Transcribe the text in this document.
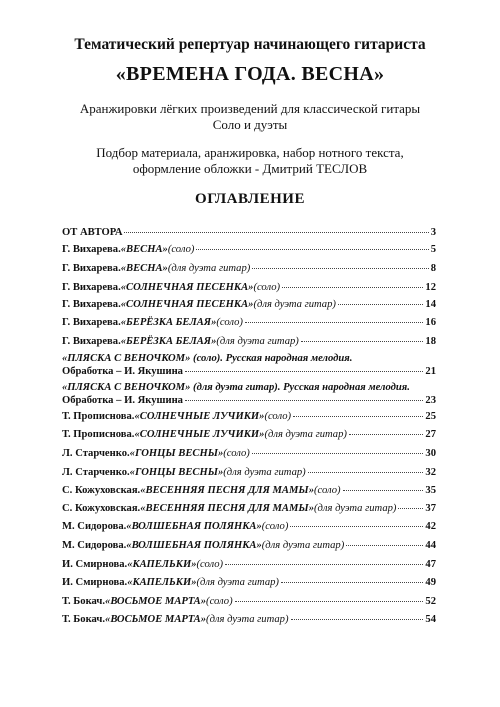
Тематический репертуар начинающего гитариста
«ВРЕМЕНА ГОДА. ВЕСНА»
Аранжировки лёгких произведений для классической гитары
Соло и дуэты
Подбор материала, аранжировка, набор нотного текста,
оформление обложки - Дмитрий ТЕСЛОВ
ОГЛАВЛЕНИЕ
ОТ АВТОРА	3
Г. Вихарева. «ВЕСНА» (соло)	5
Г. Вихарева. «ВЕСНА» (для дуэта гитар)	8
Г. Вихарева. «СОЛНЕЧНАЯ ПЕСЕНКА» (соло)	12
Г. Вихарева. «СОЛНЕЧНАЯ ПЕСЕНКА» (для дуэта гитар)	14
Г. Вихарева. «БЕРЁЗКА БЕЛАЯ» (соло)	16
Г. Вихарева. «БЕРЁЗКА БЕЛАЯ» (для дуэта гитар)	18
«ПЛЯСКА С ВЕНОЧКОМ» (соло). Русская народная мелодия.
Обработка – И. Якушина	21
«ПЛЯСКА С ВЕНОЧКОМ» (для дуэта гитар). Русская народная мелодия.
Обработка – И. Якушина	23
Т. Прописнова. «СОЛНЕЧНЫЕ ЛУЧИКИ» (соло)	25
Т. Прописнова. «СОЛНЕЧНЫЕ ЛУЧИКИ» (для дуэта гитар)	27
Л. Старченко. «ГОНЦЫ ВЕСНЫ» (соло)	30
Л. Старченко. «ГОНЦЫ ВЕСНЫ» (для дуэта гитар)	32
С. Кожуховская. «ВЕСЕННЯЯ ПЕСНЯ ДЛЯ МАМЫ» (соло)	35
С. Кожуховская. «ВЕСЕННЯЯ ПЕСНЯ ДЛЯ МАМЫ» (для дуэта гитар)	37
М. Сидорова. «ВОЛШЕБНАЯ ПОЛЯНКА» (соло)	42
М. Сидорова. «ВОЛШЕБНАЯ ПОЛЯНКА» (для дуэта гитар)	44
И. Смирнова. «КАПЕЛЬКИ» (соло)	47
И. Смирнова. «КАПЕЛЬКИ» (для дуэта гитар)	49
Т. Бокач. «ВОСЬМОЕ МАРТА» (соло)	52
Т. Бокач. «ВОСЬМОЕ МАРТА» (для дуэта гитар)	54
